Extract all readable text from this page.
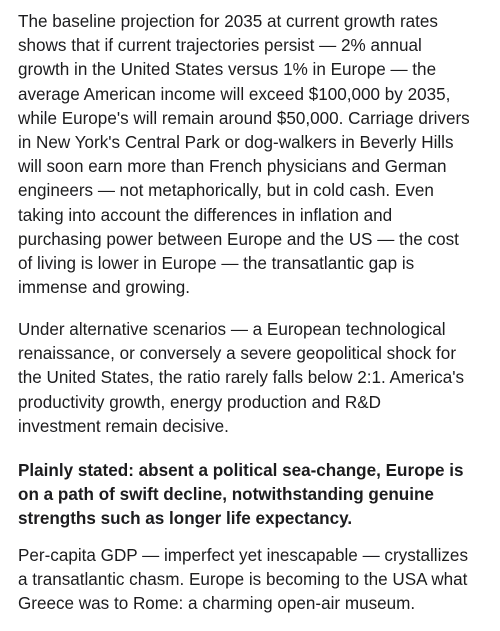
The baseline projection for 2035 at current growth rates
shows that if current trajectories persist — 2% annual
growth in the United States versus 1% in Europe — the
average American income will exceed $100,000 by 2035,
while Europe's will remain around $50,000. Carriage drivers
in New York's Central Park or dog-walkers in Beverly Hills
will soon earn more than French physicians and German
engineers — not metaphorically, but in cold cash. Even
taking into account the differences in inflation and
purchasing power between Europe and the US — the cost
of living is lower in Europe — the transatlantic gap is
immense and growing.

Under alternative scenarios — a European technological
renaissance, or conversely a severe geopolitical shock for
the United States, the ratio rarely falls below 2:1. America's
productivity growth, energy production and R&D
investment remain decisive.

Plainly stated: absent a political sea-change, Europe is
on a path of swift decline, notwithstanding genuine
strengths such as longer life expectancy.

Per-capita GDP — imperfect yet inescapable — crystallizes
a transatlantic chasm. Europe is becoming to the USA what
Greece was to Rome: a charming open-air museum.
